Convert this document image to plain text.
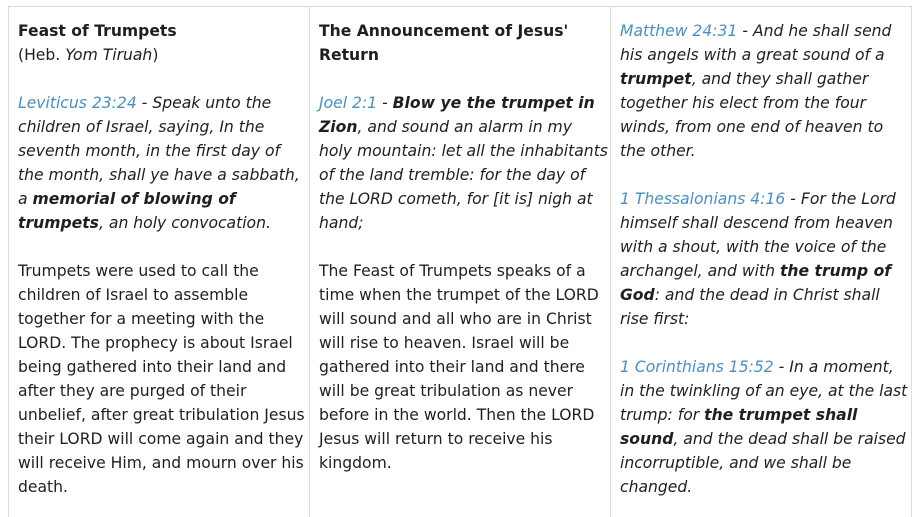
Feast of Trumpets

(Heb. Yom Tiruah)

Leviticus 23:24 - Speak unto the children of Israel, saying, In the seventh month, in the first day of the month, shall ye have a sabbath, a memorial of blowing of trumpets, an holy convocation.

Trumpets were used to call the children of Israel to assemble together for a meeting with the LORD. The prophecy is about Israel being gathered into their land and after they are purged of their unbelief, after great tribulation Jesus their LORD will come again and they will receive Him, and mourn over his death.

The Announcement of Jesus' Return

Joel 2:1 - Blow ye the trumpet in Zion, and sound an alarm in my holy mountain: let all the inhabitants of the land tremble: for the day of the LORD cometh, for [it is] nigh at hand;

The Feast of Trumpets speaks of a time when the trumpet of the LORD will sound and all who are in Christ will rise to heaven. Israel will be gathered into their land and there will be great tribulation as never before in the world. Then the LORD Jesus will return to receive his kingdom.

Matthew 24:31 - And he shall send his angels with a great sound of a trumpet, and they shall gather together his elect from the four winds, from one end of heaven to the other.

1 Thessalonians 4:16 - For the Lord himself shall descend from heaven with a shout, with the voice of the archangel, and with the trump of God: and the dead in Christ shall rise first:

1 Corinthians 15:52 - In a moment, in the twinkling of an eye, at the last trump: for the trumpet shall sound, and the dead shall be raised incorruptible, and we shall be changed.
